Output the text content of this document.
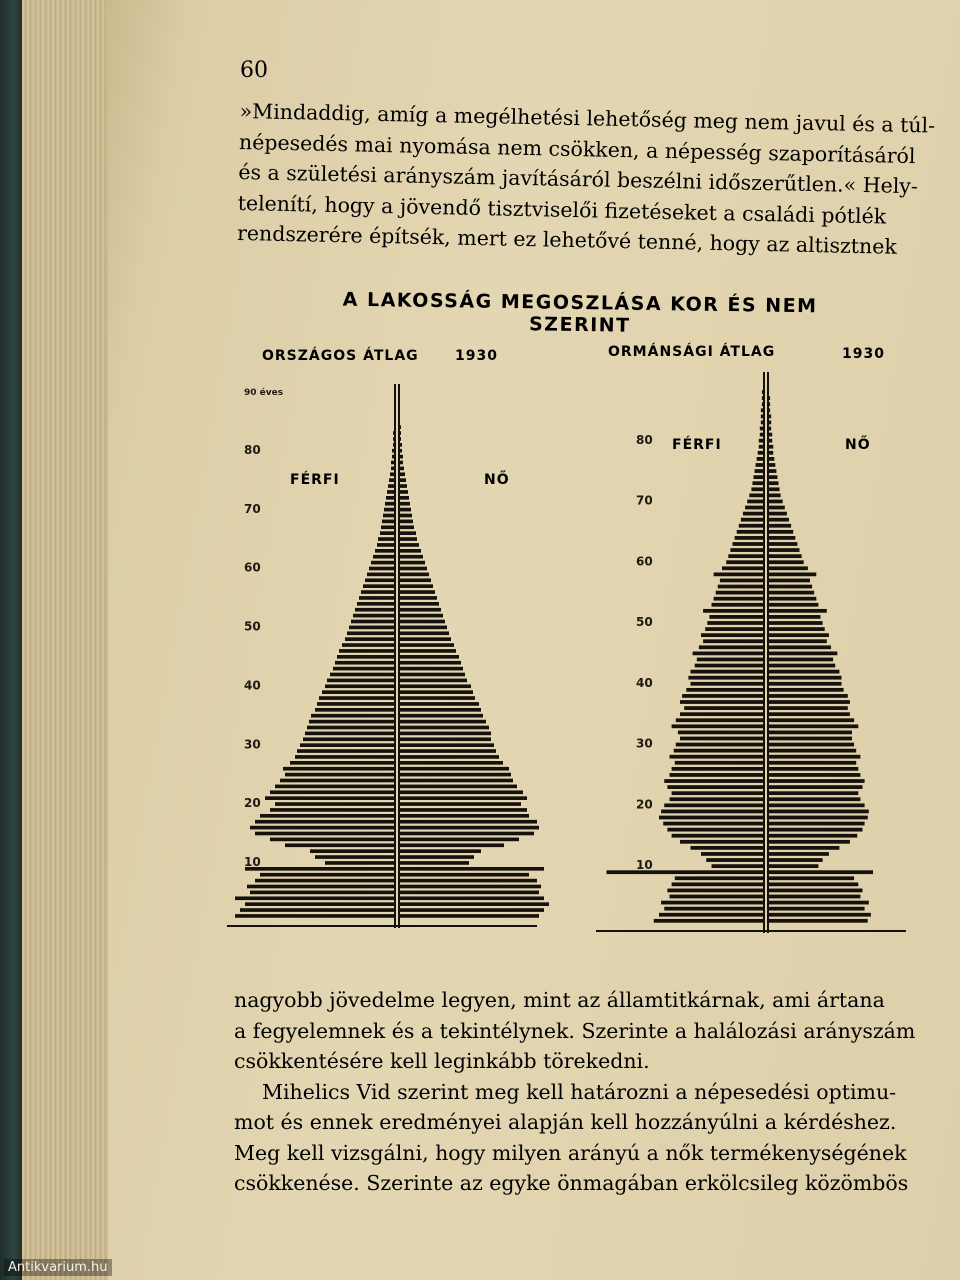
60

»Mindaddig, amíg a megélhetési lehetőség meg nem javul és a túl-
népesedés mai nyomása nem csökken, a népesség szaporításáról
és a születési arányszám javításáról beszélni időszerűtlen.« Hely-
telenítí, hogy a jövendő tisztviselői fizetéseket a családi pótlék
rendszerére építsék, mert ez lehetővé tenné, hogy az altisztnek

A LAKOSSÁG MEGOSZLÁSA KOR ÉS NEM SZERINT
ORSZÁGOS ÁTLAG	1930	ORMÁNSÁGI ÁTLAG	1930
FÉRFI	NŐ
FÉRFI	NŐ
90 éves
80
70
60
50
40
30
20
10
80
70
60
50
40
30
20
10

nagyobb jövedelme legyen, mint az államtitkárnak, ami ártana
a fegyelemnek és a tekintélynek. Szerinte a halálozási arányszám
csökkentésére kell leginkább törekedni.
Mihelics Vid szerint meg kell határozni a népesedési optimu-
mot és ennek eredményei alapján kell hozzányúlni a kérdéshez.
Meg kell vizsgálni, hogy milyen arányú a nők termékenységének
csökkenése. Szerinte az egyke önmagában erkölcsileg közömbös

Antikvarium.hu
